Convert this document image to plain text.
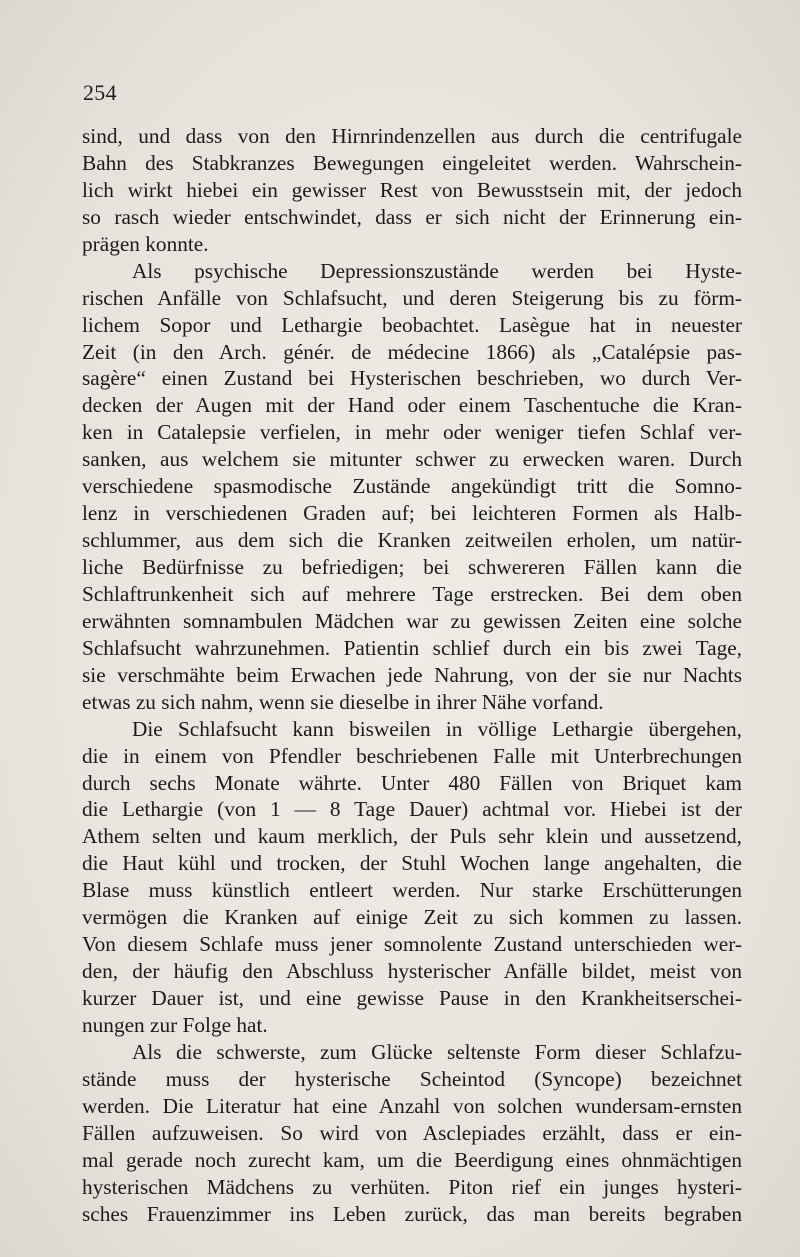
254
sind, und dass von den Hirnrindenzellen aus durch die centrifugale
Bahn des Stabkranzes Bewegungen eingeleitet werden. Wahrschein-
lich wirkt hiebei ein gewisser Rest von Bewusstsein mit, der jedoch
so rasch wieder entschwindet, dass er sich nicht der Erinnerung ein-
prägen konnte.
Als psychische Depressionszustände werden bei Hyste-
rischen Anfälle von Schlafsucht, und deren Steigerung bis zu förm-
lichem Sopor und Lethargie beobachtet. Lasègue hat in neuester
Zeit (in den Arch. génér. de médecine 1866) als „Catalépsie pas-
sagère“ einen Zustand bei Hysterischen beschrieben, wo durch Ver-
decken der Augen mit der Hand oder einem Taschentuche die Kran-
ken in Catalepsie verfielen, in mehr oder weniger tiefen Schlaf ver-
sanken, aus welchem sie mitunter schwer zu erwecken waren. Durch
verschiedene spasmodische Zustände angekündigt tritt die Somno-
lenz in verschiedenen Graden auf; bei leichteren Formen als Halb-
schlummer, aus dem sich die Kranken zeitweilen erholen, um natür-
liche Bedürfnisse zu befriedigen; bei schwereren Fällen kann die
Schlaftrunkenheit sich auf mehrere Tage erstrecken. Bei dem oben
erwähnten somnambulen Mädchen war zu gewissen Zeiten eine solche
Schlafsucht wahrzunehmen. Patientin schlief durch ein bis zwei Tage,
sie verschmähte beim Erwachen jede Nahrung, von der sie nur Nachts
etwas zu sich nahm, wenn sie dieselbe in ihrer Nähe vorfand.
Die Schlafsucht kann bisweilen in völlige Lethargie übergehen,
die in einem von Pfendler beschriebenen Falle mit Unterbrechungen
durch sechs Monate währte. Unter 480 Fällen von Briquet kam
die Lethargie (von 1 — 8 Tage Dauer) achtmal vor. Hiebei ist der
Athem selten und kaum merklich, der Puls sehr klein und aussetzend,
die Haut kühl und trocken, der Stuhl Wochen lange angehalten, die
Blase muss künstlich entleert werden. Nur starke Erschütterungen
vermögen die Kranken auf einige Zeit zu sich kommen zu lassen.
Von diesem Schlafe muss jener somnolente Zustand unterschieden wer-
den, der häufig den Abschluss hysterischer Anfälle bildet, meist von
kurzer Dauer ist, und eine gewisse Pause in den Krankheitserschei-
nungen zur Folge hat.
Als die schwerste, zum Glücke seltenste Form dieser Schlafzu-
stände muss der hysterische Scheintod (Syncope) bezeichnet
werden. Die Literatur hat eine Anzahl von solchen wundersam-ernsten
Fällen aufzuweisen. So wird von Asclepiades erzählt, dass er ein-
mal gerade noch zurecht kam, um die Beerdigung eines ohnmächtigen
hysterischen Mädchens zu verhüten. Piton rief ein junges hysteri-
sches Frauenzimmer ins Leben zurück, das man bereits begraben
